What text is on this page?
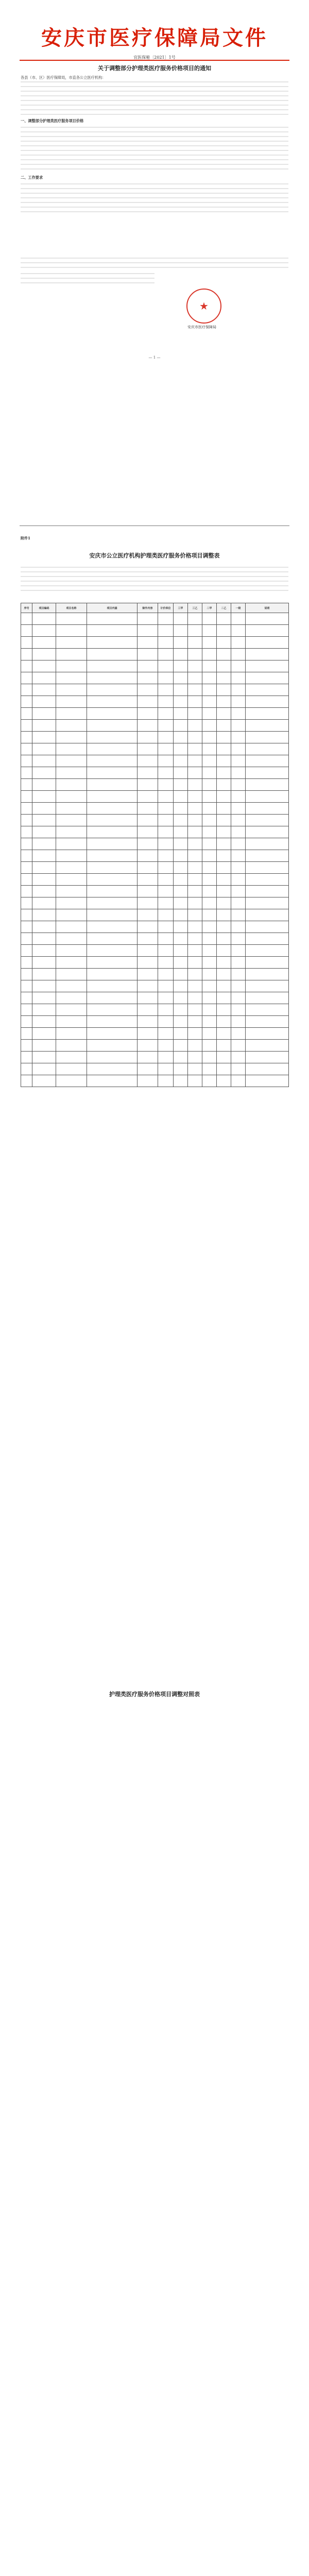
安庆市医疗保障局文件
宜医保秘〔2021〕1号
关于调整部分护理类医疗服务价格项目的通知
各县（市、区）医疗保障局，市直各公立医疗机构：
一、调整部分护理类医疗服务项目价格
二、工作要求
★
安庆市医疗保障局
— 1 —
附件1
安庆市公立医疗机构护理类医疗服务价格项目调整表
序号	项目编码	项目名称	项目内涵	除外内容	计价单位	三甲	三乙	二甲	二乙	一级	说明

护理类医疗服务价格项目调整对照表
